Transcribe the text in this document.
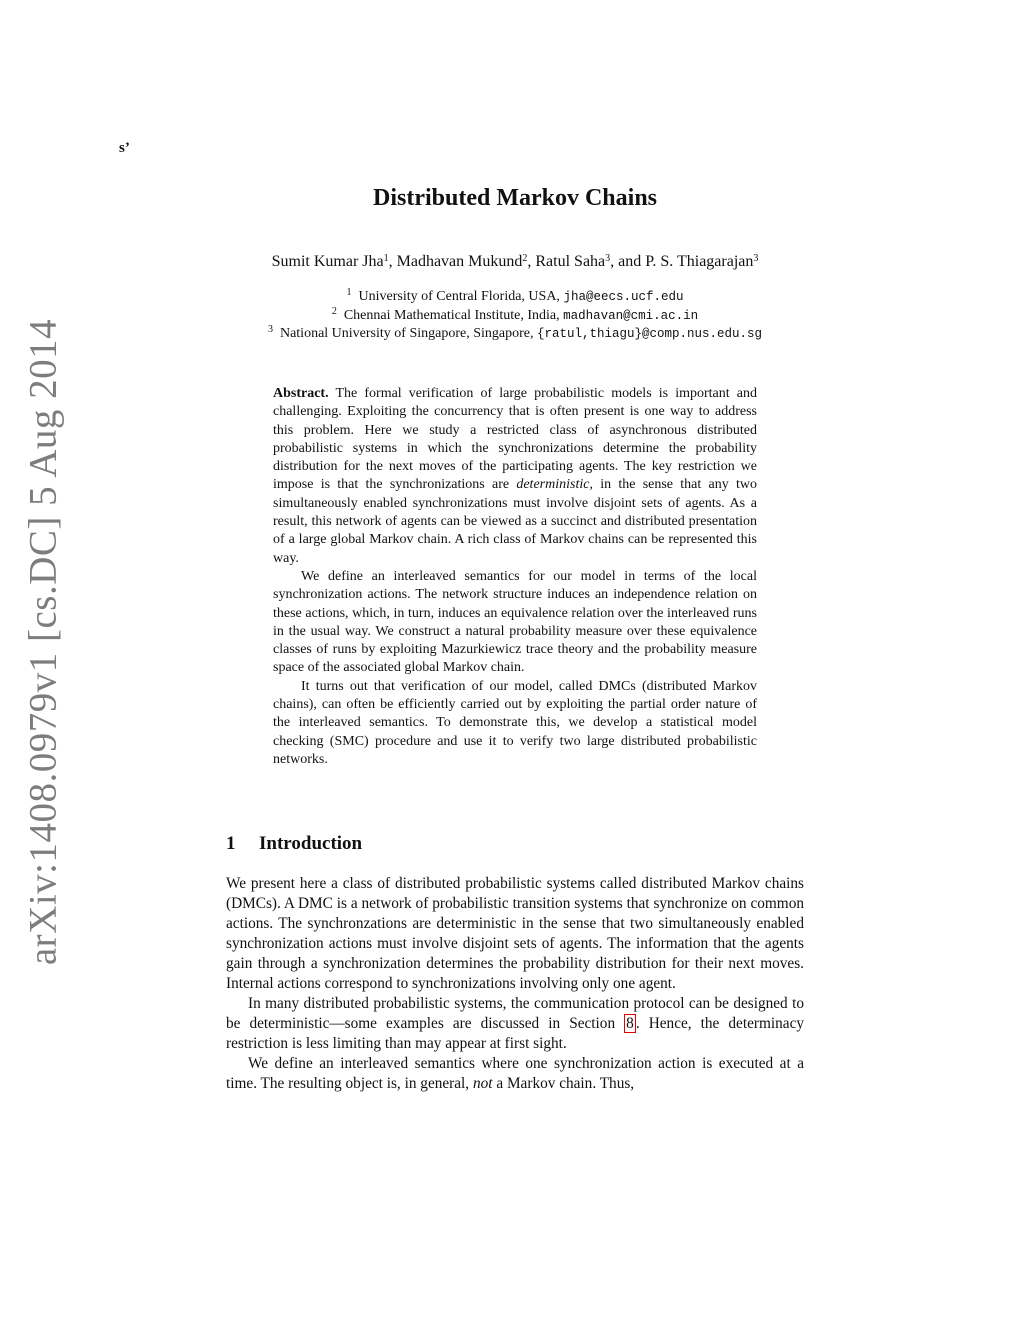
s’
arXiv:1408.0979v1 [cs.DC] 5 Aug 2014
Distributed Markov Chains
Sumit Kumar Jha$^1$, Madhavan Mukund$^2$, Ratul Saha$^3$, and P. S. Thiagarajan$^3$
$^1$ University of Central Florida, USA, jha@eecs.ucf.edu
$^2$ Chennai Mathematical Institute, India, madhavan@cmi.ac.in
$^3$ National University of Singapore, Singapore, {ratul,thiagu}@comp.nus.edu.sg

Abstract. The formal verification of large probabilistic models is important and challenging. Exploiting the concurrency that is often present is one way to address this problem. Here we study a restricted class of asynchronous distributed probabilistic systems in which the synchronizations determine the probability distribution for the next moves of the participating agents. The key restriction we impose is that the synchronizations are deterministic, in the sense that any two simultaneously enabled synchronizations must involve disjoint sets of agents. As a result, this network of agents can be viewed as a succinct and distributed presentation of a large global Markov chain. A rich class of Markov chains can be represented this way.

We define an interleaved semantics for our model in terms of the local synchronization actions. The network structure induces an independence relation on these actions, which, in turn, induces an equivalence relation over the interleaved runs in the usual way. We construct a natural probability measure over these equivalence classes of runs by exploiting Mazurkiewicz trace theory and the probability measure space of the associated global Markov chain.

It turns out that verification of our model, called DMCs (distributed Markov chains), can often be efficiently carried out by exploiting the partial order nature of the interleaved semantics. To demonstrate this, we develop a statistical model checking (SMC) procedure and use it to verify two large distributed probabilistic networks.

1 Introduction

We present here a class of distributed probabilistic systems called distributed Markov chains (DMCs). A DMC is a network of probabilistic transition systems that synchronize on common actions. The synchronzations are deterministic in the sense that two simultaneously enabled synchronization actions must involve disjoint sets of agents. The information that the agents gain through a synchronization determines the probability distribution for their next moves. Internal actions correspond to synchronizations involving only one agent.

In many distributed probabilistic systems, the communication protocol can be designed to be deterministic—some examples are discussed in Section 8 . Hence, the determinacy restriction is less limiting than may appear at first sight.

We define an interleaved semantics where one synchronization action is executed at a time. The resulting object is, in general, not a Markov chain. Thus,
